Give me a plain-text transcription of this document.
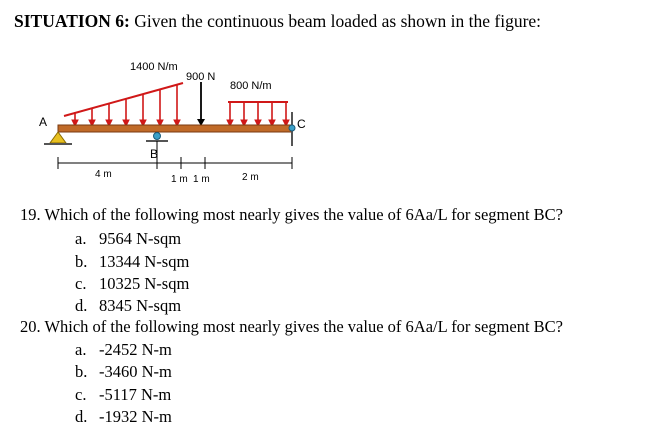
SITUATION 6: Given the continuous beam loaded as shown in the figure:
1400 N/m
900 N
800 N/m
A
B
C
4 m	1 m 1 m	2 m
19. Which of the following most nearly gives the value of 6Aa/L for segment BC?
a. 9564 N-sqm
b. 13344 N-sqm
c. 10325 N-sqm
d. 8345 N-sqm
20. Which of the following most nearly gives the value of 6Aa/L for segment BC?
a. -2452 N-m
b. -3460 N-m
c. -5117 N-m
d. -1932 N-m
